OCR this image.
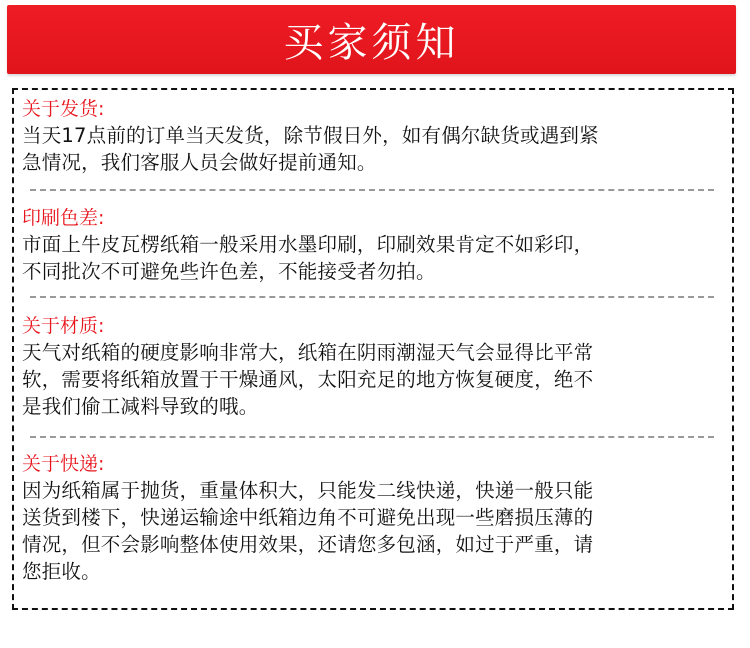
买家须知

关于发货:

当天17点前的订单当天发货，除节假日外，如有偶尔缺货或遇到紧
急情况，我们客服人员会做好提前通知。

印刷色差:

市面上牛皮瓦楞纸箱一般采用水墨印刷，印刷效果肯定不如彩印，
不同批次不可避免些许色差，不能接受者勿拍。

关于材质:

天气对纸箱的硬度影响非常大，纸箱在阴雨潮湿天气会显得比平常
软，需要将纸箱放置于干燥通风，太阳充足的地方恢复硬度，绝不
是我们偷工减料导致的哦。

关于快递:

因为纸箱属于抛货，重量体积大，只能发二线快递，快递一般只能
送货到楼下，快递运输途中纸箱边角不可避免出现一些磨损压薄的
情况，但不会影响整体使用效果，还请您多包涵，如过于严重，请
您拒收。
